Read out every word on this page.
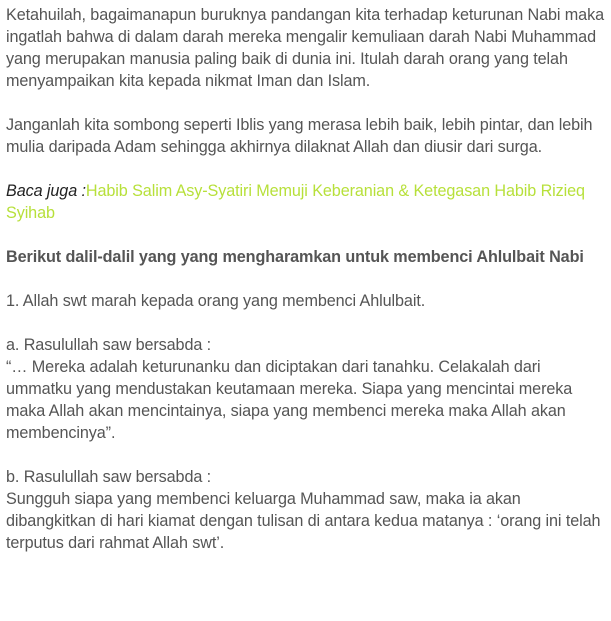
Ketahuilah, bagaimanapun buruknya pandangan kita terhadap keturunan Nabi maka ingatlah bahwa di dalam darah mereka mengalir kemuliaan darah Nabi Muhammad yang merupakan manusia paling baik di dunia ini. Itulah darah orang yang telah menyampaikan kita kepada nikmat Iman dan Islam.

Janganlah kita sombong seperti Iblis yang merasa lebih baik, lebih pintar, dan lebih mulia daripada Adam sehingga akhirnya dilaknat Allah dan diusir dari surga.

Baca juga :Habib Salim Asy-Syatiri Memuji Keberanian & Ketegasan Habib Rizieq Syihab

Berikut dalil-dalil yang yang mengharamkan untuk membenci Ahlulbait Nabi

1. Allah swt marah kepada orang yang membenci Ahlulbait.

a. Rasulullah saw bersabda :

“… Mereka adalah keturunanku dan diciptakan dari tanahku. Celakalah dari ummatku yang mendustakan keutamaan mereka. Siapa yang mencintai mereka maka Allah akan mencintainya, siapa yang membenci mereka maka Allah akan membencinya”.

b. Rasulullah saw bersabda :

Sungguh siapa yang membenci keluarga Muhammad saw, maka ia akan dibangkitkan di hari kiamat dengan tulisan di antara kedua matanya : ‘orang ini telah terputus dari rahmat Allah swt’.
